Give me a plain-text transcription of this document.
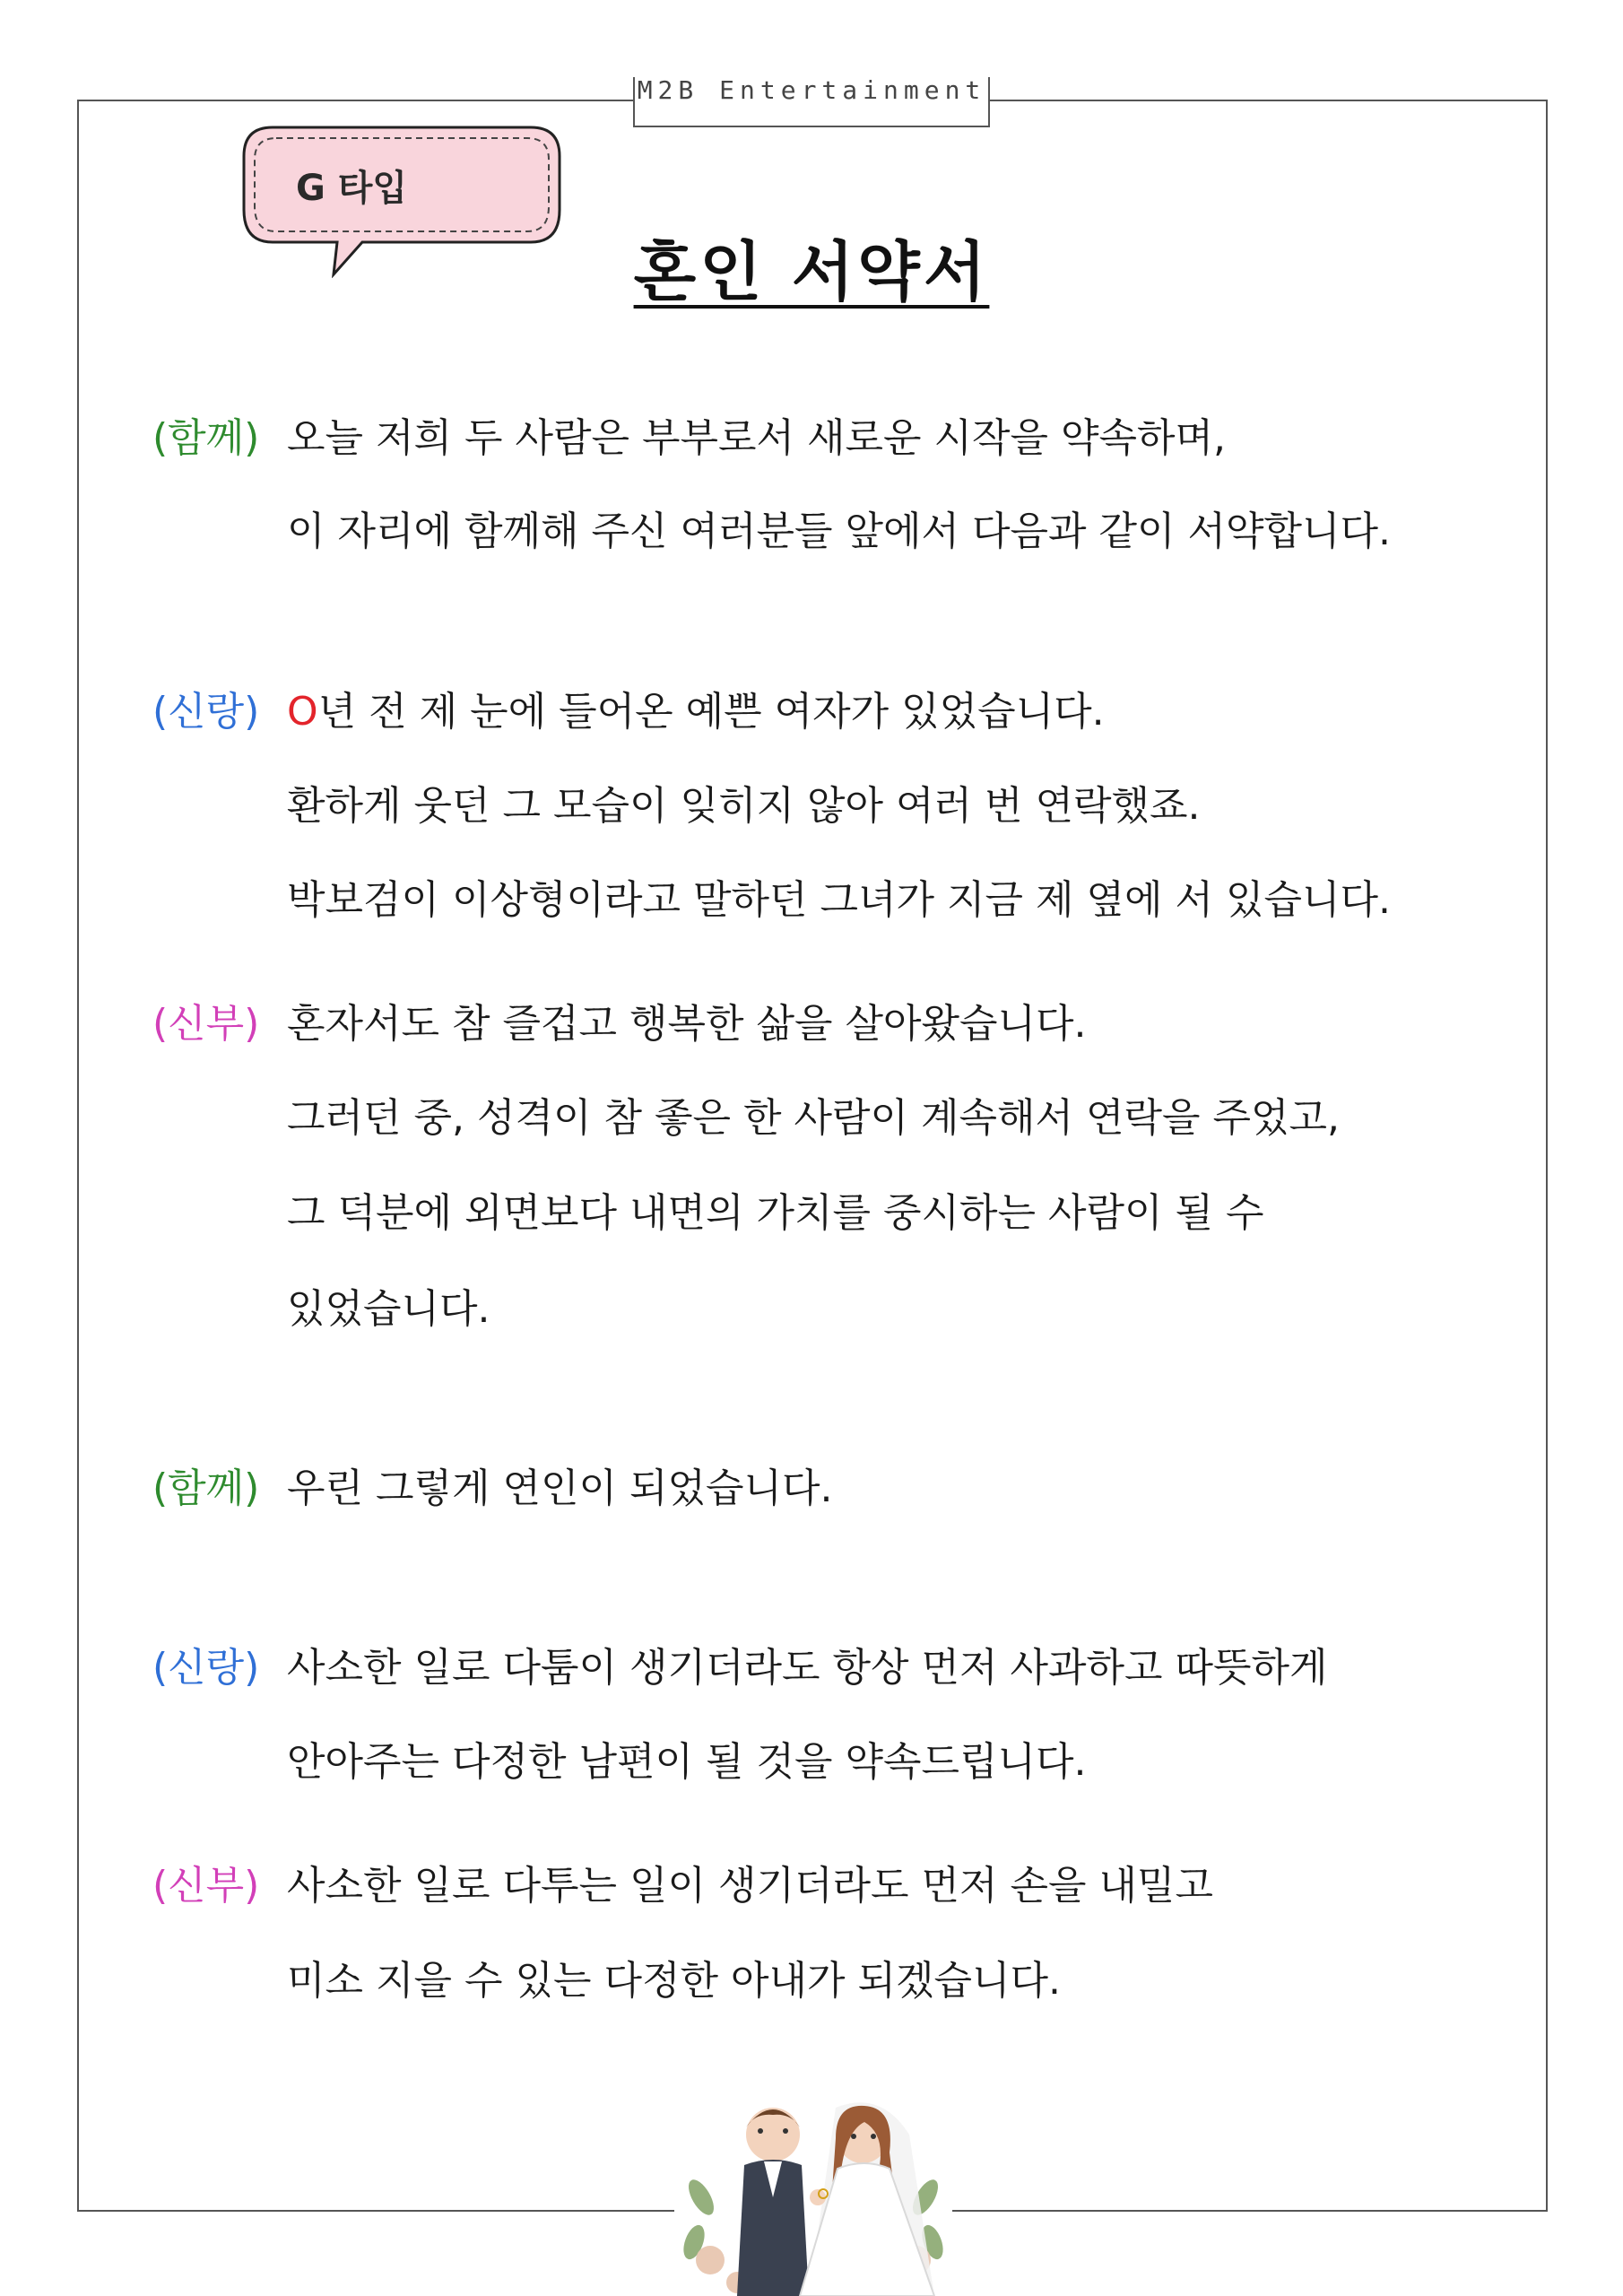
M2B Entertainment
G 타입
혼인 서약서
(함께) 오늘 저희 두 사람은 부부로서 새로운 시작을 약속하며,
이 자리에 함께해 주신 여러분들 앞에서 다음과 같이 서약합니다.
(신랑) O년 전 제 눈에 들어온 예쁜 여자가 있었습니다.
환하게 웃던 그 모습이 잊히지 않아 여러 번 연락했죠.
박보검이 이상형이라고 말하던 그녀가 지금 제 옆에 서 있습니다.
(신부) 혼자서도 참 즐겁고 행복한 삶을 살아왔습니다.
그러던 중, 성격이 참 좋은 한 사람이 계속해서 연락을 주었고,
그 덕분에 외면보다 내면의 가치를 중시하는 사람이 될 수
있었습니다.
(함께) 우린 그렇게 연인이 되었습니다.
(신랑) 사소한 일로 다툼이 생기더라도 항상 먼저 사과하고 따뜻하게
안아주는 다정한 남편이 될 것을 약속드립니다.
(신부) 사소한 일로 다투는 일이 생기더라도 먼저 손을 내밀고
미소 지을 수 있는 다정한 아내가 되겠습니다.
